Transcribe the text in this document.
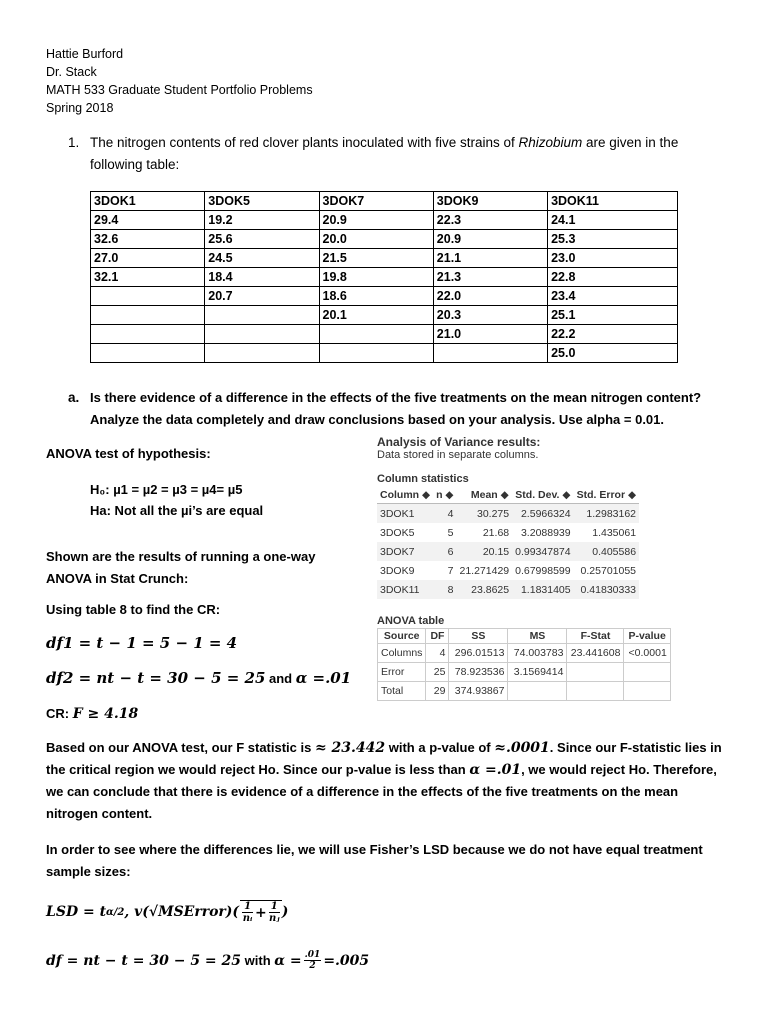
Hattie Burford
Dr. Stack
MATH 533 Graduate Student Portfolio Problems
Spring 2018
1. The nitrogen contents of red clover plants inoculated with five strains of Rhizobium are given in the
following table:
3DOK1	3DOK5	3DOK7	3DOK9	3DOK11
29.4	19.2	20.9	22.3	24.1
32.6	25.6	20.0	20.9	25.3
27.0	24.5	21.5	21.1	23.0
32.1	18.4	19.8	21.3	22.8
	20.7	18.6	22.0	23.4
		20.1	20.3	25.1
			21.0	22.2
				25.0
a. Is there evidence of a difference in the effects of the five treatments on the mean nitrogen content?
Analyze the data completely and draw conclusions based on your analysis. Use alpha = 0.01.
ANOVA test of hypothesis:
H₀: µ1 = µ2 = µ3 = µ4= µ5
Ha: Not all the µi’s are equal
Shown are the results of running a one-way
ANOVA in Stat Crunch:
Using table 8 to find the CR:
df1 = t − 1 = 5 − 1 = 4
df2 = nt − t = 30 − 5 = 25 and α =.01
CR: F ≥ 4.18
Analysis of Variance results:
Data stored in separate columns.
Column statistics
Column ◆	n ◆	Mean ◆	Std. Dev. ◆	Std. Error ◆
3DOK1	4	30.275	2.5966324	1.2983162
3DOK5	5	21.68	3.2088939	1.435061
3DOK7	6	20.15	0.99347874	0.405586
3DOK9	7	21.271429	0.67998599	0.25701055
3DOK11	8	23.8625	1.1831405	0.41830333
ANOVA table
Source	DF	SS	MS	F-Stat	P-value
Columns	4	296.01513	74.003783	23.441608	<0.0001
Error	25	78.923536	3.1569414		
Total	29	374.93867			
Based on our ANOVA test, our F statistic is ≈ 23.442 with a p-value of ≈.0001. Since our F-statistic lies in
the critical region we would reject Ho. Since our p-value is less than α =.01, we would reject Ho. Therefore,
we can conclude that there is evidence of a difference in the effects of the five treatments on the mean
nitrogen content.
In order to see where the differences lie, we will use Fisher’s LSD because we do not have equal treatment
sample sizes:
LSD = t α/2 , v(√MSError)( 1
nᵢ + $\frac{1}{\text{nⱼ}}$ )
df = nt − t = 30 − 5 = 25 with $\alpha = \frac{.01}{2} =.005$
